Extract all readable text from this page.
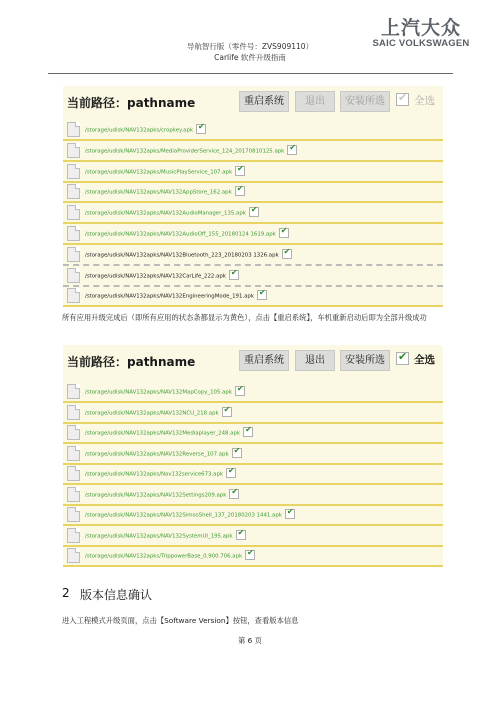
导航智行版（零件号：ZVS909110）
Carlife 软件升级指南
上汽大众
SAIC VOLKSWAGEN
当前路径：pathname	重启系统	退出	安装所选	✔ 全选
/storage/udisk/NAV132apks/cropkey.apk ✔
/storage/udisk/NAV132apks/MediaProviderService_124_20170810125.apk ✔
/storage/udisk/NAV132apks/MusicPlayService_107.apk ✔
/storage/udisk/NAV132apks/NAV132AppStore_162.apk ✔
/storage/udisk/NAV132apks/NAV132AudioManager_135.apk ✔
/storage/udisk/NAV132apks/NAV132AudioOff_155_20180124 1619.apk ✔
/storage/udisk/NAV132apks/NAV132Bluetooth_223_20180203 1326.apk ✔
/storage/udisk/NAV132apks/NAV132CarLife_222.apk ✔
/storage/udisk/NAV132apks/NAV132EngineeringMode_191.apk ✔
所有应用升级完成后（即所有应用的状态条都显示为黄色），点击【重启系统】，车机重新启动后即为全部升级成功
当前路径：pathname	重启系统	退出	安装所选	✔ 全选
/storage/udisk/NAV132apks/NAV132MapCopy_105.apk ✔
/storage/udisk/NAV132apks/NAV132NCU_218.apk ✔
/storage/udisk/NAV132apks/NAV132Mediaplayer_248.apk ✔
/storage/udisk/NAV132apks/NAV132Reverse_107.apk ✔
/storage/udisk/NAV132apks/Nav132service673.apk ✔
/storage/udisk/NAV132apks/NAV132Settings209.apk ✔
/storage/udisk/NAV132apks/NAV132SimosShell_137_20180203 1441.apk ✔
/storage/udisk/NAV132apks/NAV132SystemUI_195.apk ✔
/storage/udisk/NAV132apks/TrippowerBase_0.900.706.apk ✔
2 版本信息确认
进入工程模式升级页面，点击【Software Version】按钮，查看版本信息
第 6 页
